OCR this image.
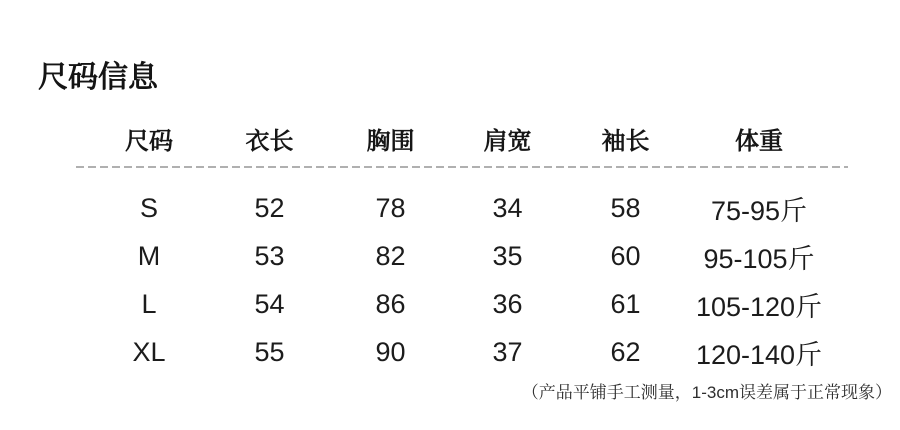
尺码信息
尺码	衣长	胸围	肩宽	袖长	体重
S	52	78	34	58	75-95斤
M	53	82	35	60	95-105斤
L	54	86	36	61	105-120斤
XL	55	90	37	62	120-140斤
（产品平铺手工测量，1-3cm误差属于正常现象）
